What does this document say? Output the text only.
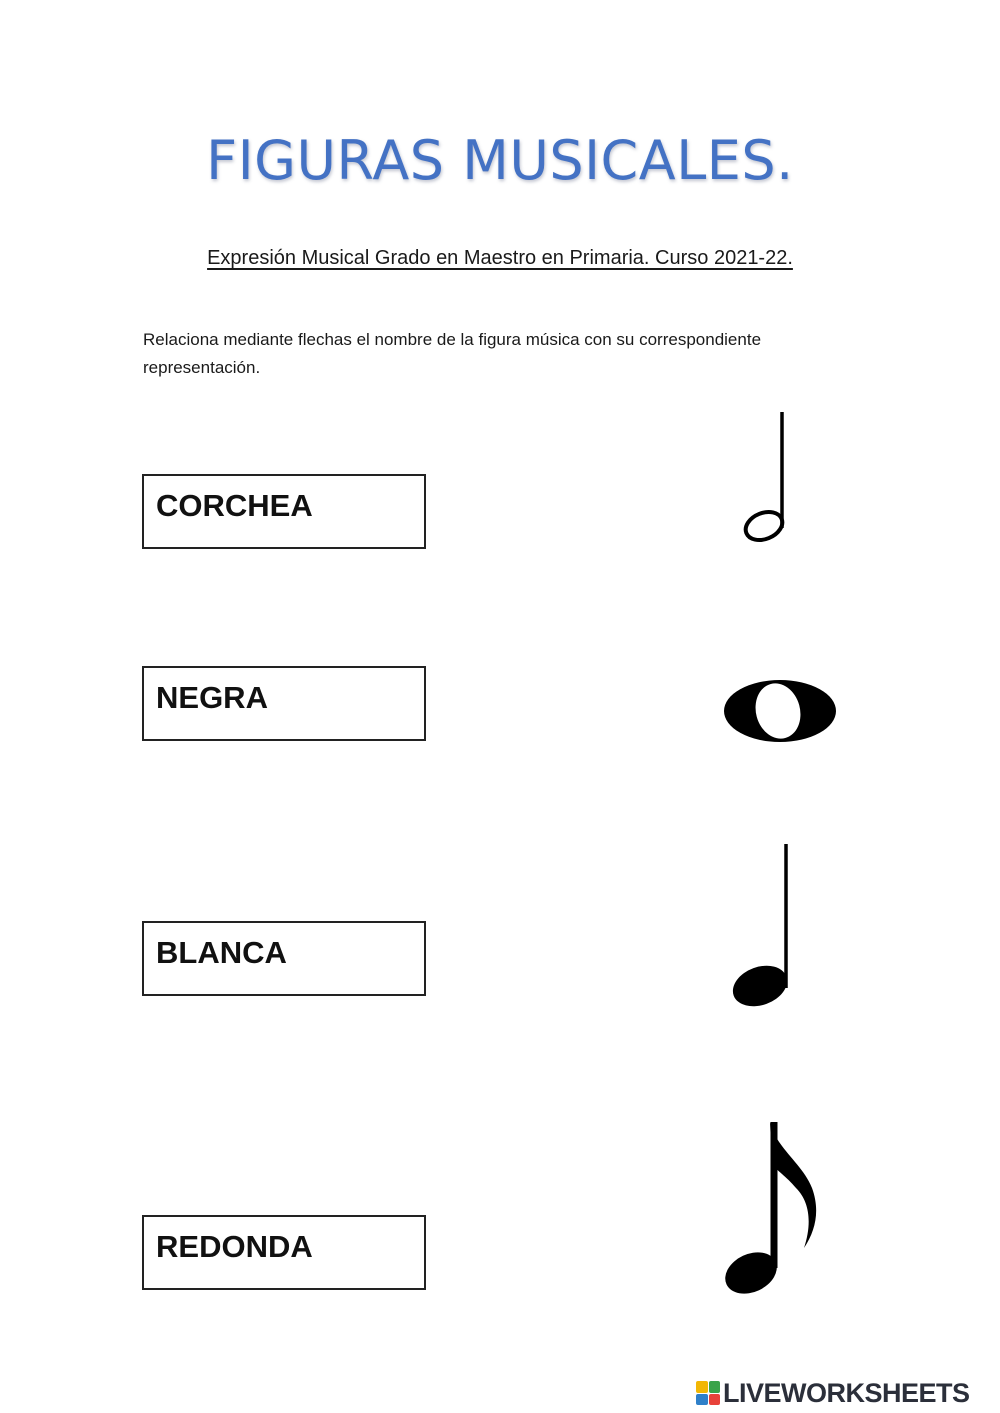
FIGURAS MUSICALES.
Expresión Musical Grado en Maestro en Primaria. Curso 2021-22.
Relaciona mediante flechas el nombre de la figura música con su correspondiente representación.
CORCHEA
NEGRA
BLANCA
REDONDA
LIVEWORKSHEETS
